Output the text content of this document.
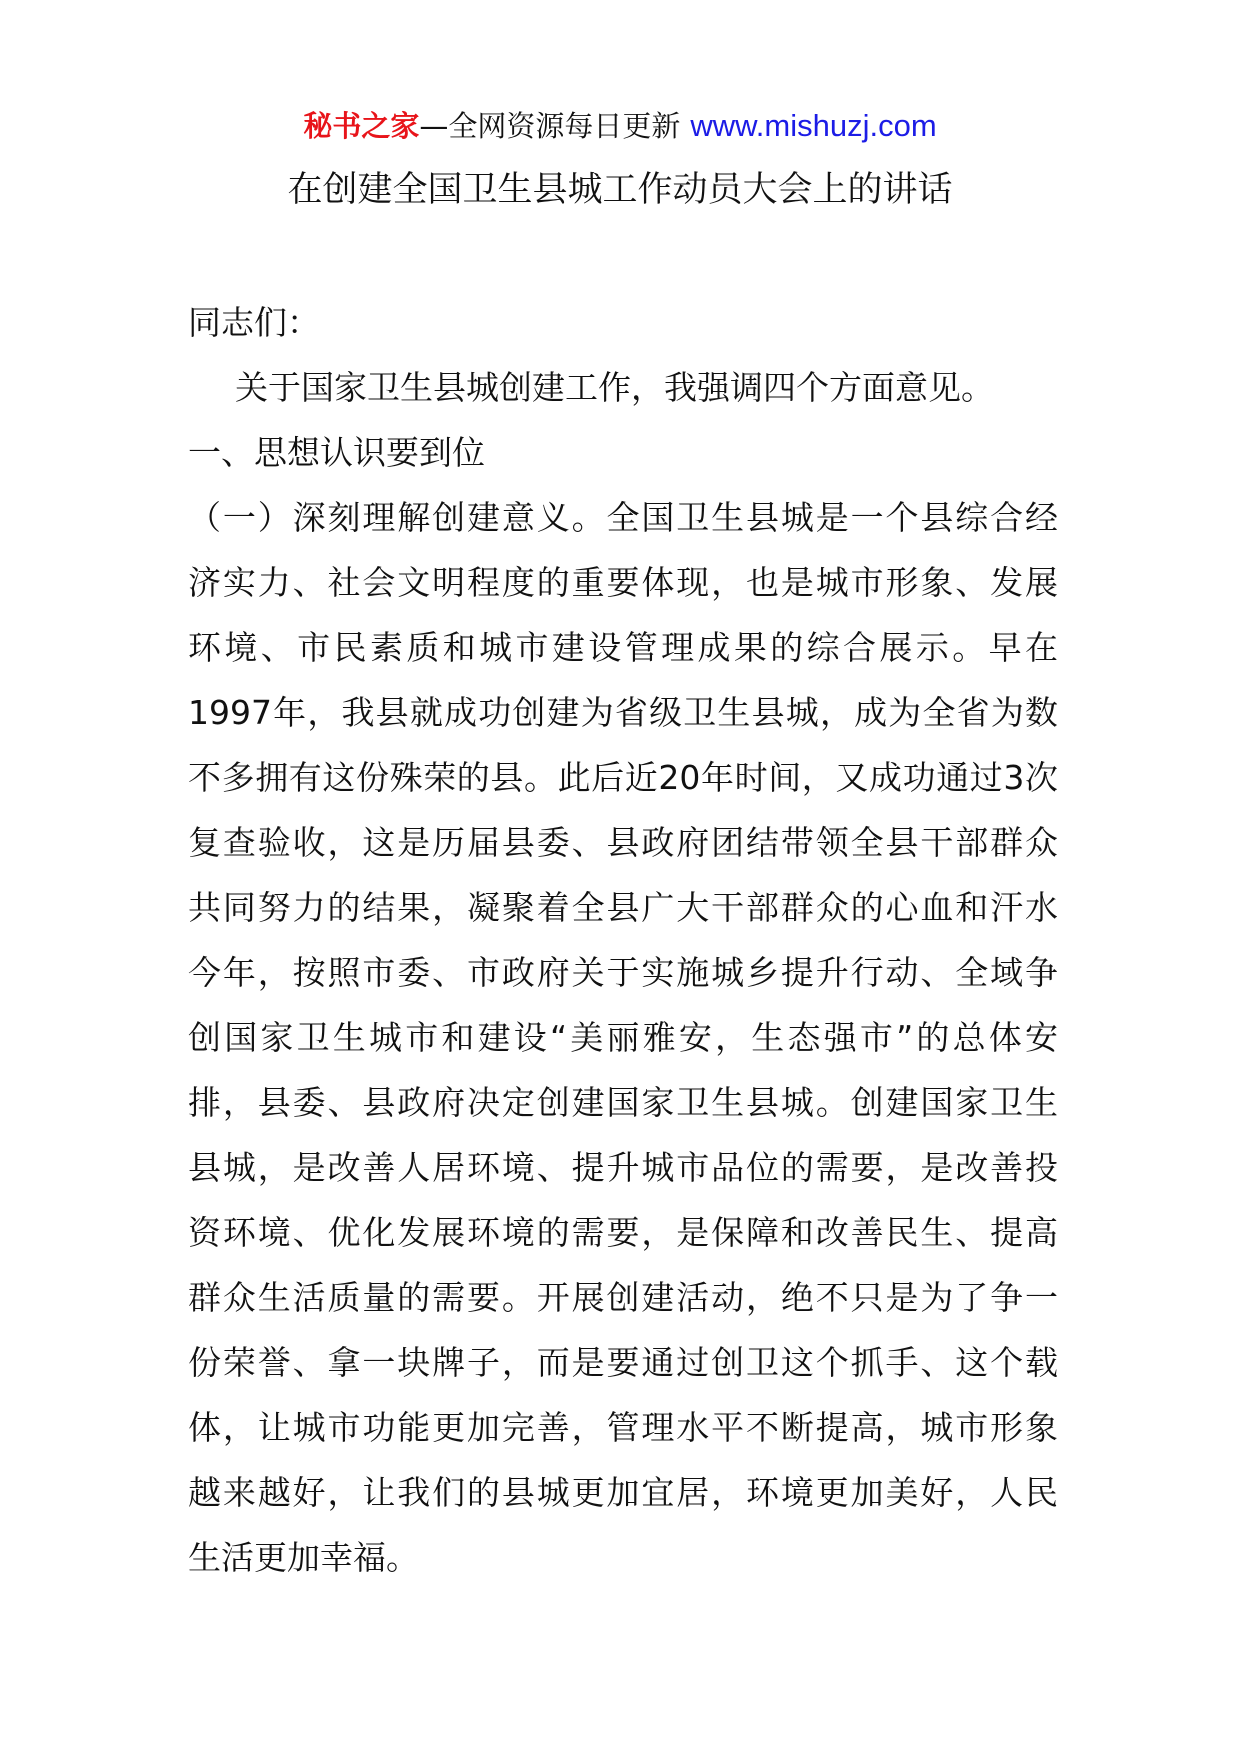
秘书之家—全网资源每日更新 www.mishuzj.com
在创建全国卫生县城工作动员大会上的讲话
同志们：
关于国家卫生县城创建工作，我强调四个方面意见。
一、思想认识要到位
（一）深刻理解创建意义。全国卫生县城是一个县综合经
济实力、社会文明程度的重要体现，也是城市形象、发展
环境、市民素质和城市建设管理成果的综合展示。早在
1997年，我县就成功创建为省级卫生县城，成为全省为数
不多拥有这份殊荣的县。此后近20年时间，又成功通过3次
复查验收，这是历届县委、县政府团结带领全县干部群众
共同努力的结果，凝聚着全县广大干部群众的心血和汗水
今年，按照市委、市政府关于实施城乡提升行动、全域争
创国家卫生城市和建设“美丽雅安，生态强市”的总体安
排，县委、县政府决定创建国家卫生县城。创建国家卫生
县城，是改善人居环境、提升城市品位的需要，是改善投
资环境、优化发展环境的需要，是保障和改善民生、提高
群众生活质量的需要。开展创建活动，绝不只是为了争一
份荣誉、拿一块牌子，而是要通过创卫这个抓手、这个载
体，让城市功能更加完善，管理水平不断提高，城市形象
越来越好，让我们的县城更加宜居，环境更加美好，人民
生活更加幸福。
